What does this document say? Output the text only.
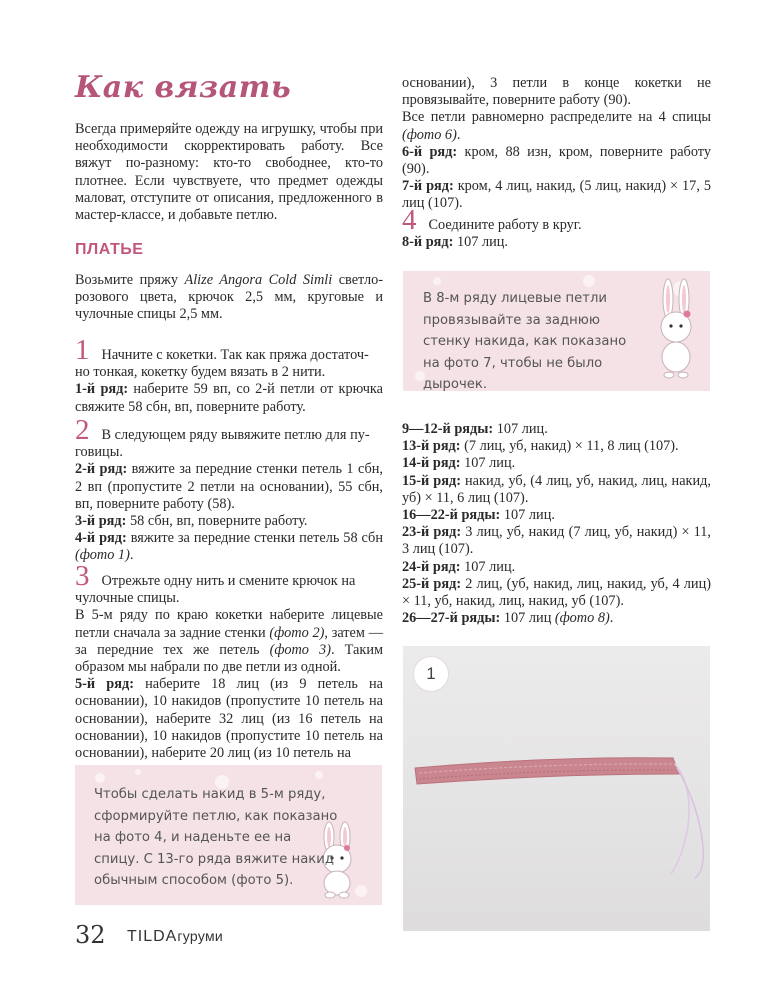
Как вязать

Всегда примеряйте одежду на игрушку, чтобы при необходимости скорректировать работу. Все вяжут по-разному: кто-то свободнее, кто-то плотнее. Если чувствуете, что предмет одежды маловат, отступите от описания, предложенного в мастер-классе, и добавьте петлю.

ПЛАТЬЕ

Возьмите пряжу Alize Angora Cold Simli светло-розового цвета, крючок 2,5 мм, круговые и чулочные спицы 2,5 мм.

1 Начните с кокетки. Так как пряжа достаточ-

но тонкая, кокетку будем вязать в 2 нити.

1-й ряд: наберите 59 вп, со 2-й петли от крючка свяжите 58 сбн, вп, поверните работу.

2 В следующем ряду вывяжите петлю для пу-

говицы.

2-й ряд: вяжите за передние стенки петель 1 сбн, 2 вп (пропустите 2 петли на основании), 55 сбн, вп, поверните работу (58).

3-й ряд: 58 сбн, вп, поверните работу.

4-й ряд: вяжите за передние стенки петель 58 сбн (фото 1).

3 Отрежьте одну нить и смените крючок на

чулочные спицы.

В 5-м ряду по краю кокетки наберите лицевые петли сначала за задние стенки (фото 2), затем — за передние тех же петель (фото 3). Таким образом мы набрали по две петли из одной.

5-й ряд: наберите 18 лиц (из 9 петель на основании), 10 накидов (пропустите 10 петель на основании), наберите 32 лиц (из 16 петель на основании), 10 накидов (пропустите 10 петель на основании), наберите 20 лиц (из 10 петель на

Чтобы сделать накид в 5-м ряду, сформируйте петлю, как показано на фото 4, и наденьте ее на спицу. С 13-го ряда вяжите накид обычным способом (фото 5).

основании), 3 петли в конце кокетки не провязывайте, поверните работу (90).

Все петли равномерно распределите на 4 спицы (фото 6).

6-й ряд: кром, 88 изн, кром, поверните работу (90).

7-й ряд: кром, 4 лиц, накид, (5 лиц, накид) × 17, 5 лиц (107).

4 Соедините работу в круг.

8-й ряд: 107 лиц.

В 8-м ряду лицевые петли провязывайте за заднюю стенку накида, как показано на фото 7, чтобы не было дырочек.

9—12-й ряды: 107 лиц.

13-й ряд: (7 лиц, уб, накид) × 11, 8 лиц (107).

14-й ряд: 107 лиц.

15-й ряд: накид, уб, (4 лиц, уб, накид, лиц, накид, уб) × 11, 6 лиц (107).

16—22-й ряды: 107 лиц.

23-й ряд: 3 лиц, уб, накид (7 лиц, уб, накид) × 11, 3 лиц (107).

24-й ряд: 107 лиц.

25-й ряд: 2 лиц, (уб, накид, лиц, накид, уб, 4 лиц) × 11, уб, накид, лиц, накид, уб (107).

26—27-й ряды: 107 лиц (фото 8).

1
32 TILDAгуруми
